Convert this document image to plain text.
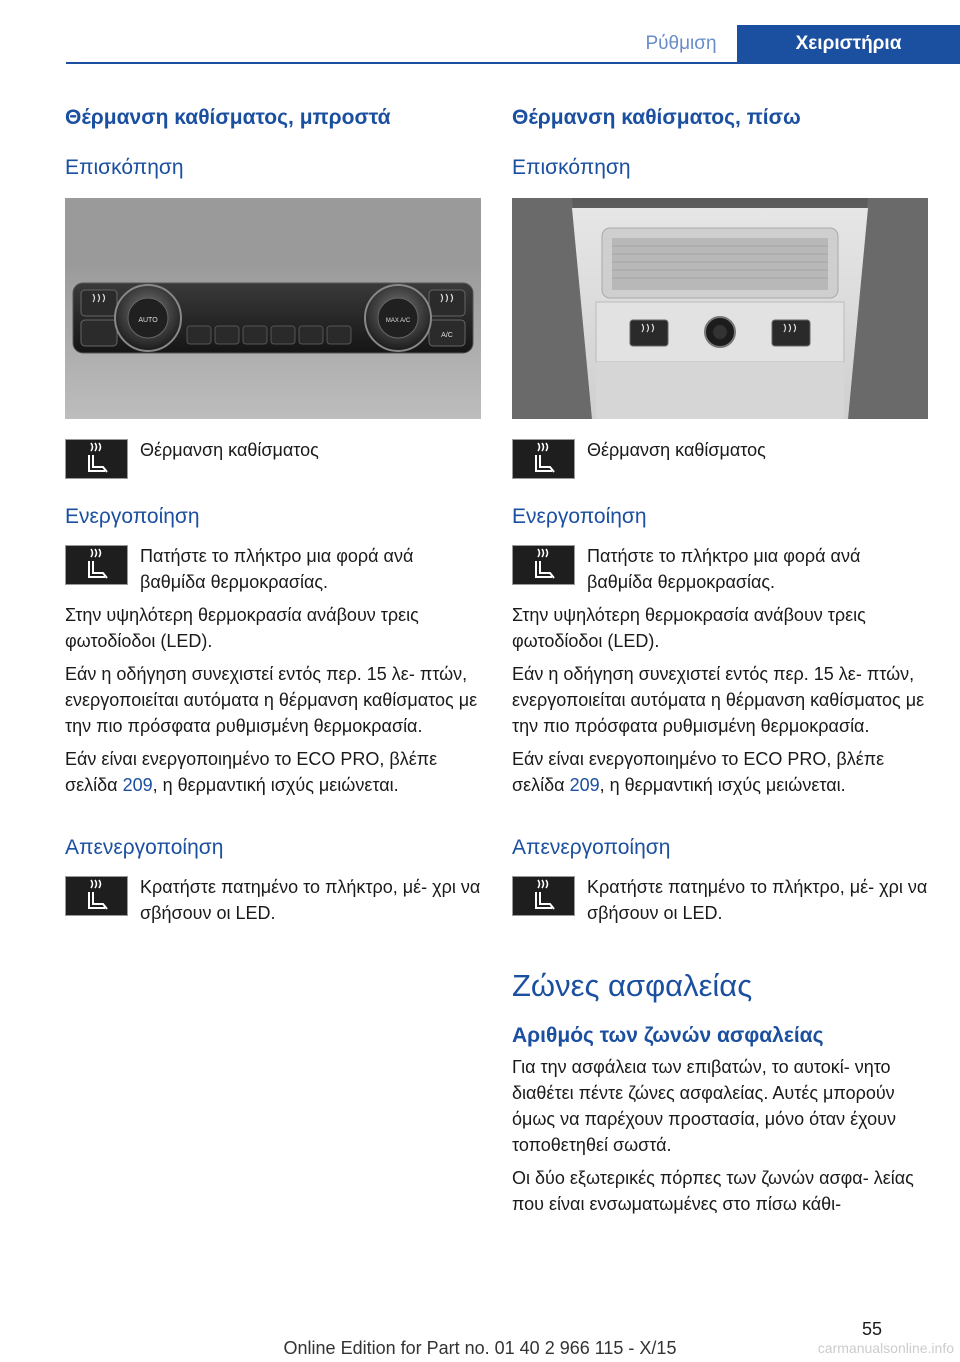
Ρύθμιση	Χειριστήρια
Θέρμανση καθίσματος, μπροστά
Επισκόπηση
AUTO	MAX A/C
A/C
Θέρμανση καθίσματος
Ενεργοποίηση
Πατήστε το πλήκτρο μια φορά ανά βαθμίδα θερμοκρασίας.

Στην υψηλότερη θερμοκρασία ανάβουν τρεις φωτοδίοδοι (LED).

Εάν η οδήγηση συνεχιστεί εντός περ. 15 λε- πτών, ενεργοποιείται αυτόματα η θέρμανση καθίσματος με την πιο πρόσφατα ρυθμισμένη θερμοκρασία.

Εάν είναι ενεργοποιημένο το ECO PRO, βλέπε σελίδα 209, η θερμαντική ισχύς μειώνεται.

Απενεργοποίηση
Κρατήστε πατημένο το πλήκτρο, μέ- χρι να σβήσουν οι LED.
Θέρμανση καθίσματος, πίσω
Επισκόπηση
Θέρμανση καθίσματος
Ενεργοποίηση
Πατήστε το πλήκτρο μια φορά ανά βαθμίδα θερμοκρασίας.

Στην υψηλότερη θερμοκρασία ανάβουν τρεις φωτοδίοδοι (LED).

Εάν η οδήγηση συνεχιστεί εντός περ. 15 λε- πτών, ενεργοποιείται αυτόματα η θέρμανση καθίσματος με την πιο πρόσφατα ρυθμισμένη θερμοκρασία.

Εάν είναι ενεργοποιημένο το ECO PRO, βλέπε σελίδα 209, η θερμαντική ισχύς μειώνεται.

Απενεργοποίηση
Κρατήστε πατημένο το πλήκτρο, μέ- χρι να σβήσουν οι LED.
Ζώνες ασφαλείας
Αριθμός των ζωνών ασφαλείας

Για την ασφάλεια των επιβατών, το αυτοκί- νητο διαθέτει πέντε ζώνες ασφαλείας. Αυτές μπορούν όμως να παρέχουν προστασία, μόνο όταν έχουν τοποθετηθεί σωστά.

Οι δύο εξωτερικές πόρπες των ζωνών ασφα- λείας που είναι ενσωματωμένες στο πίσω κάθι-

55
Online Edition for Part no. 01 40 2 966 115 - X/15	carmanualsonline.info
